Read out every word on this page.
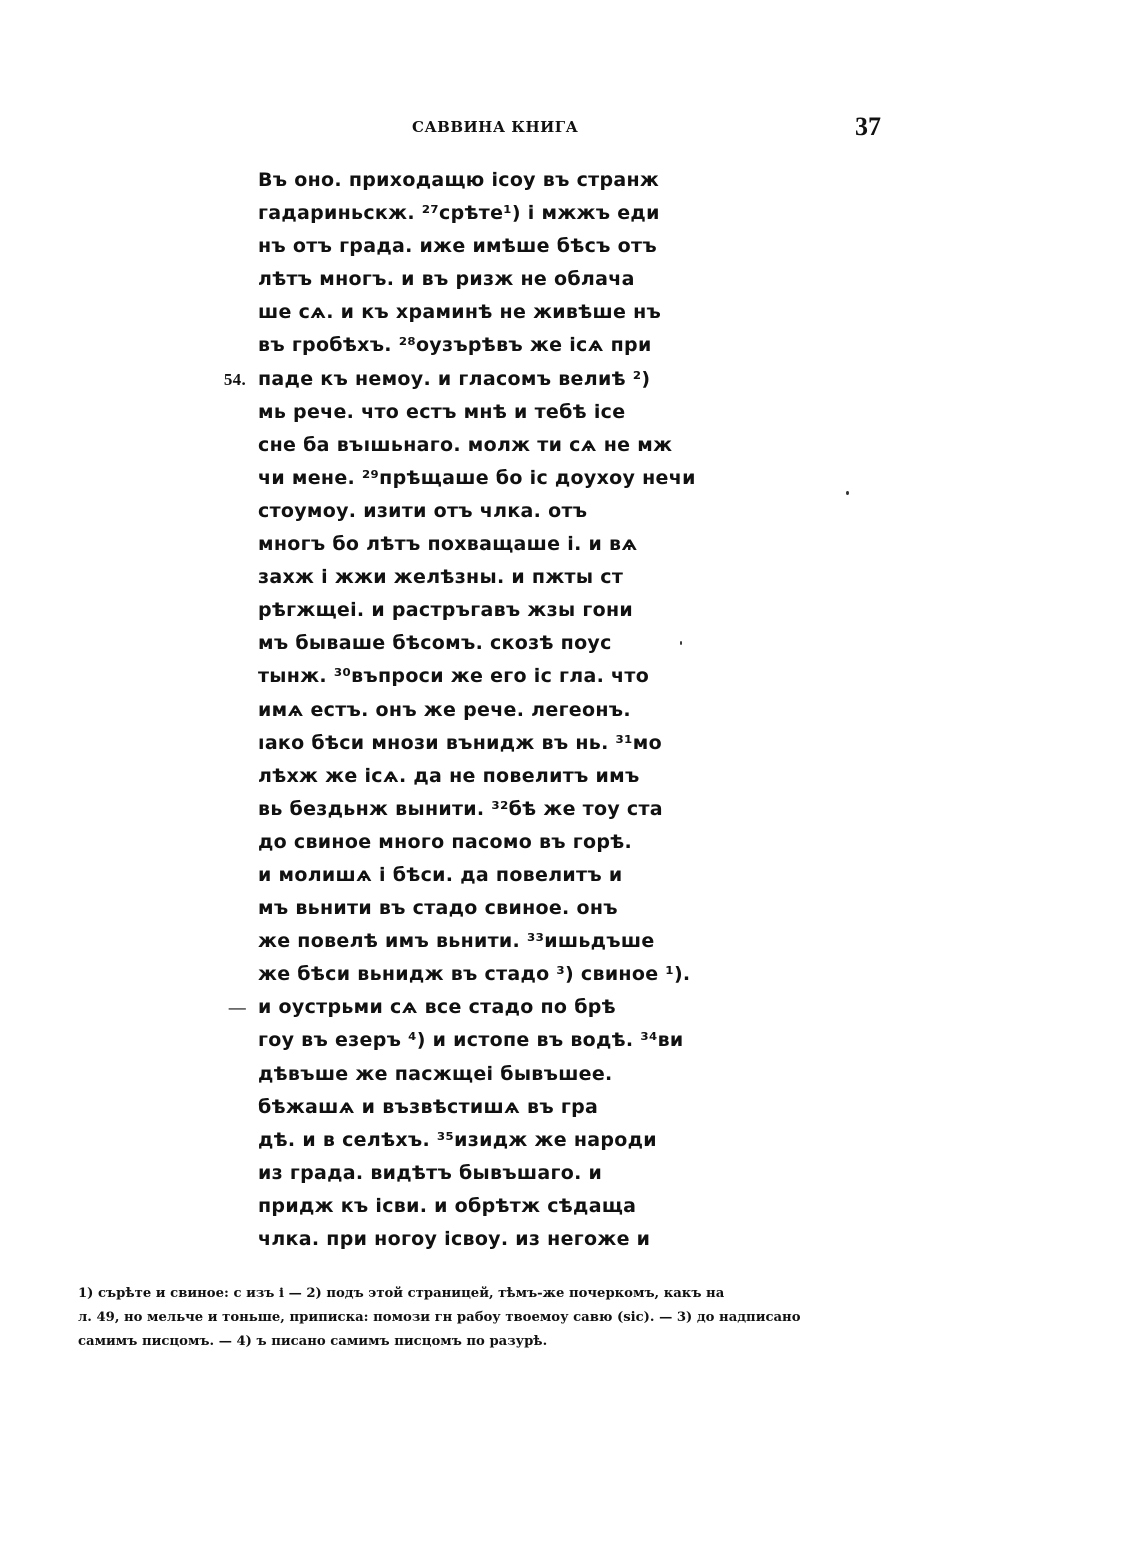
САВВИНА КНИГА	37
Въ оно. приходащю ісоу въ странж
гадариньскж. ²⁷срѣте¹) і мжжъ еди
нъ отъ града. иже имѣше бѣсъ отъ
лѣтъ многъ. и въ ризж не облача
ше сѧ. и къ храминѣ не живѣше нъ
въ гробѣхъ. ²⁸оузърѣвъ же ісѧ при
54. паде къ немоу. и гласомъ велиѣ ²)
мь рече. что естъ мнѣ и тебѣ ісе
сне ба въıшьнаго. молж ти сѧ не мж
чи мене. ²⁹прѣщаше бо іс доухоу нечи
стоумоу. изити отъ члка. отъ
многъ бо лѣтъ похващаше і. и вѧ
захж і жжи желѣзны. и пжты ст
рѣгжщеі. и растръгавъ жзы гони
мъ бываше бѣсомъ. скозѣ поус
тынж. ³⁰въпроси же его іс гла. что
имѧ естъ. онъ же рече. легеонъ.
ıако бѣси мнози вънидж въ нь. ³¹мо
лѣхж же ісѧ. да не повелитъ имъ
вь бездьнж вынити. ³²бѣ же тоу ста
до свиное много пасомо въ горѣ.
и молишѧ і бѣси. да повелитъ и
мъ вьнити въ стадо свиное. онъ
же повелѣ имъ вьнити. ³³ишьдъше
же бѣси вьнидж въ стадо ³) свиное ¹).
— и оустрьми сѧ все стадо по брѣ
гоу въ езеръ ⁴) и истопе въ водѣ. ³⁴ви
дѣвъше же пасжщеі бывъшее.
бѣжашѧ и възвѣстишѧ въ гра
дѣ. и в селѣхъ. ³⁵изидж же народи
из града. видѣтъ бывъшаго. и
придж къ ісви. и обрѣтж сѣдаща
члка. при ногоу ісвоу. из негоже и

1) сърѣте и свиное: с изъ і — 2) подъ этой страницей, тѣмъ-же почеркомъ, какъ на

л. 49, но мельче и тоньше, приписка: помози гн рабоу твоемоу савю (sic). — 3) до надписано

самимъ писцомъ. — 4) ъ писано самимъ писцомъ по разурѣ.
